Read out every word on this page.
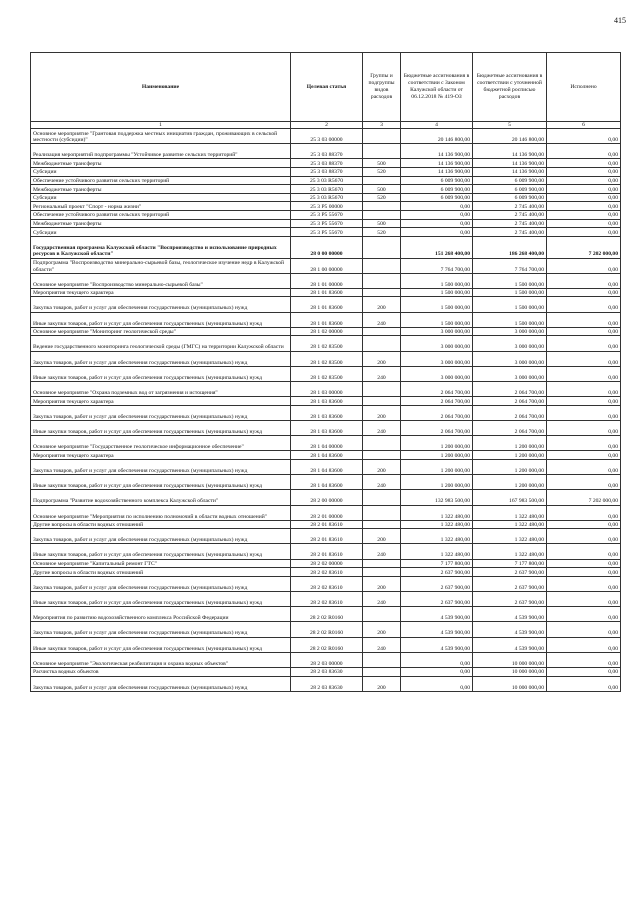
415
Наименование	Целевая статья	Группы и подгруппы видов расходов	Бюджетные ассигнования в соответствии с Законом Калужской области от 06.12.2018 № 419-ОЗ	Бюджетные ассигнования в соответствии с уточненной бюджетной росписью расходов	Исполнено
1	2	3	4	5	6
Основное мероприятие "Грантовая поддержка местных инициатив граждан, проживающих в сельской местности (субсидии)"	25 3 03 00000		20 146 800,00	20 146 800,00	0,00
Реализация мероприятий подпрограммы "Устойчивое развитие сельских территорий"	25 3 03 88370		14 136 900,00	14 136 900,00	0,00
Межбюджетные трансферты	25 3 03 88370	500	14 136 900,00	14 136 900,00	0,00
Субсидии	25 3 03 88370	520	14 136 900,00	14 136 900,00	0,00
Обеспечение устойчивого развития сельских территорий	25 3 03 R5670		6 009 900,00	6 009 900,00	0,00
Межбюджетные трансферты	25 3 03 R5670	500	6 009 900,00	6 009 900,00	0,00
Субсидии	25 3 03 R5670	520	6 009 900,00	6 009 900,00	0,00
Региональный проект "Спорт - норма жизни"	25 3 P5 00000		0,00	2 745 400,00	0,00
Обеспечение устойчивого развития сельских территорий	25 3 P5 55670		0,00	2 745 400,00	0,00
Межбюджетные трансферты	25 3 P5 55670	500	0,00	2 745 400,00	0,00
Субсидии	25 3 P5 55670	520	0,00	2 745 400,00	0,00
Государственная программа Калужской области "Воспроизводство и использование природных ресурсов в Калужской области"	28 0 00 00000		151 268 400,00	186 268 400,00	7 202 000,00
Подпрограмма "Воспроизводство минерально-сырьевой базы, геологическое изучение недр в Калужской области"	28 1 00 00000		7 764 700,00	7 764 700,00	0,00
Основное мероприятие "Воспроизводство минерально-сырьевой базы"	28 1 01 00000		1 500 000,00	1 500 000,00	0,00
Мероприятия текущего характера	28 1 01 83600		1 500 000,00	1 500 000,00	0,00
Закупка товаров, работ и услуг для обеспечения государственных (муниципальных) нужд	28 1 01 83600	200	1 500 000,00	1 500 000,00	0,00
Иные закупки товаров, работ и услуг для обеспечения государственных (муниципальных) нужд	28 1 01 83600	240	1 500 000,00	1 500 000,00	0,00
Основное мероприятие "Мониторинг геологической среды"	28 1 02 00000		3 000 000,00	3 000 000,00	0,00
Ведение государственного мониторинга геологической среды (ГМГС) на территории Калужской области	28 1 02 83500		3 000 000,00	3 000 000,00	0,00
Закупка товаров, работ и услуг для обеспечения государственных (муниципальных) нужд	28 1 02 83500	200	3 000 000,00	3 000 000,00	0,00
Иные закупки товаров, работ и услуг для обеспечения государственных (муниципальных) нужд	28 1 02 83500	240	3 000 000,00	3 000 000,00	0,00
Основное мероприятие "Охрана подземных вод от загрязнения и истощения"	28 1 03 00000		2 064 700,00	2 064 700,00	0,00
Мероприятия текущего характера	28 1 03 83600		2 064 700,00	2 064 700,00	0,00
Закупка товаров, работ и услуг для обеспечения государственных (муниципальных) нужд	28 1 03 83600	200	2 064 700,00	2 064 700,00	0,00
Иные закупки товаров, работ и услуг для обеспечения государственных (муниципальных) нужд	28 1 03 83600	240	2 064 700,00	2 064 700,00	0,00
Основное мероприятие "Государственное геологическое информационное обеспечение"	28 1 04 00000		1 200 000,00	1 200 000,00	0,00
Мероприятия текущего характера	28 1 04 83600		1 200 000,00	1 200 000,00	0,00
Закупка товаров, работ и услуг для обеспечения государственных (муниципальных) нужд	28 1 04 83600	200	1 200 000,00	1 200 000,00	0,00
Иные закупки товаров, работ и услуг для обеспечения государственных (муниципальных) нужд	28 1 04 83600	240	1 200 000,00	1 200 000,00	0,00
Подпрограмма "Развитие водохозяйственного комплекса Калужской области"	28 2 00 00000		132 983 500,00	167 983 500,00	7 202 000,00
Основное мероприятие "Мероприятия по исполнению полномочий в области водных отношений"	28 2 01 00000		1 322 480,00	1 322 480,00	0,00
Другие вопросы в области водных отношений	28 2 01 83610		1 322 480,00	1 322 480,00	0,00
Закупка товаров, работ и услуг для обеспечения государственных (муниципальных) нужд	28 2 01 83610	200	1 322 480,00	1 322 480,00	0,00
Иные закупки товаров, работ и услуг для обеспечения государственных (муниципальных) нужд	28 2 01 83610	240	1 322 480,00	1 322 480,00	0,00
Основное мероприятие "Капитальный ремонт ГТС"	28 2 02 00000		7 177 800,00	7 177 800,00	0,00
Другие вопросы в области водных отношений	28 2 02 83610		2 637 900,00	2 637 900,00	0,00
Закупка товаров, работ и услуг для обеспечения государственных (муниципальных) нужд	28 2 02 83610	200	2 637 900,00	2 637 900,00	0,00
Иные закупки товаров, работ и услуг для обеспечения государственных (муниципальных) нужд	28 2 02 83610	240	2 637 900,00	2 637 900,00	0,00
Мероприятия по развитию водохозяйственного комплекса Российской Федерации	28 2 02 R0160		4 539 900,00	4 539 900,00	0,00
Закупка товаров, работ и услуг для обеспечения государственных (муниципальных) нужд	28 2 02 R0160	200	4 539 900,00	4 539 900,00	0,00
Иные закупки товаров, работ и услуг для обеспечения государственных (муниципальных) нужд	28 2 02 R0160	240	4 539 900,00	4 539 900,00	0,00
Основное мероприятие "Экологическая реабилитация и охрана водных объектов"	28 2 03 00000		0,00	10 000 000,00	0,00
Расчистка водных объектов	28 2 03 83630		0,00	10 000 000,00	0,00
Закупка товаров, работ и услуг для обеспечения государственных (муниципальных) нужд	28 2 03 83630	200	0,00	10 000 000,00	0,00
